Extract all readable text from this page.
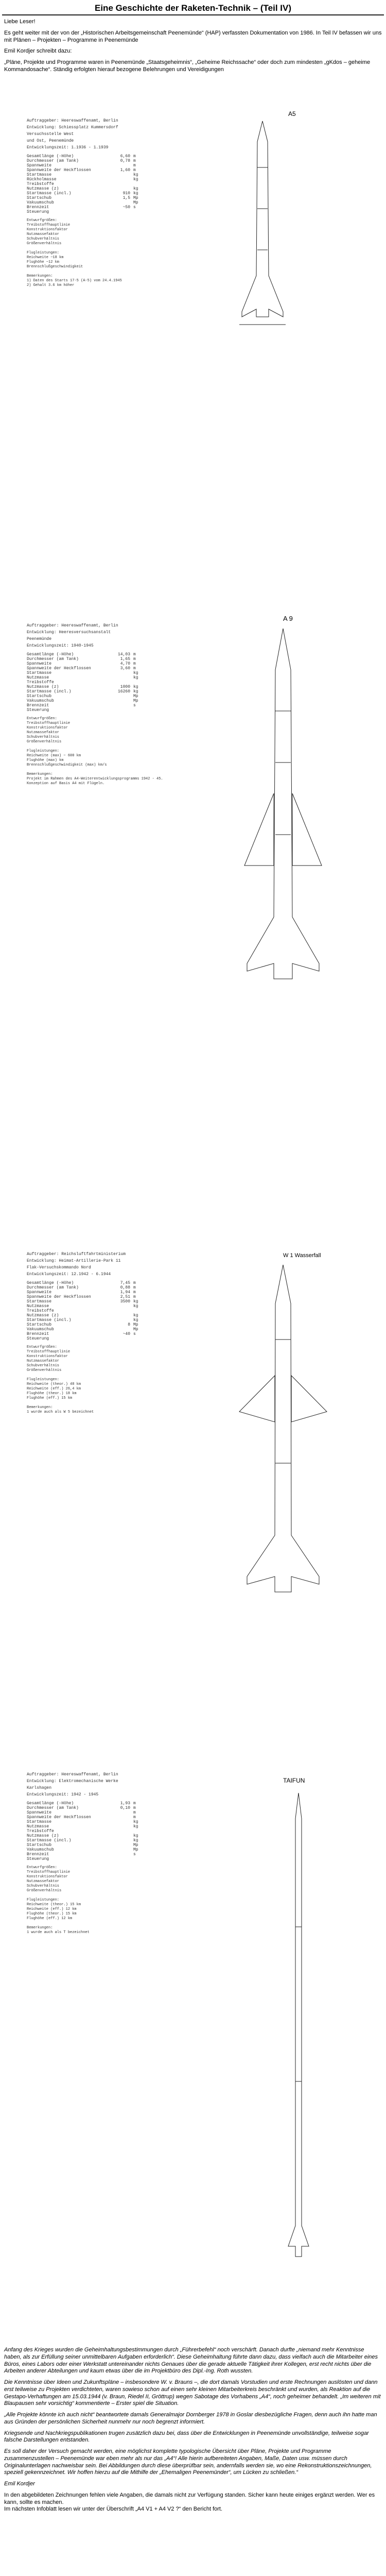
Eine Geschichte der Raketen-Technik – (Teil IV)

Liebe Leser!

Es geht weiter mit der von der „Historischen Arbeitsgemeinschaft Peenemünde“ (HAP) verfassten Dokumentation von 1986. In Teil IV befassen wir uns mit Plänen – Projekten – Programme in Peenemünde

Emil Kordjer schreibt dazu:

„Pläne, Projekte und Programme waren in Peenemünde „Staatsgeheimnis“, „Geheime Reichssache“ oder doch zum mindesten „gKdos – geheime Kommandosache“. Ständig erfolgten hierauf bezogene Belehrungen und Vereidigungen

Auftraggeber: Heereswaffenamt, Berlin
Entwicklung: Schiessplatz Kummersdorf
Versuchsstelle West
und Ost, Peenemünde
Entwicklungszeit: 1.1936 - 1.1939
Gesamtlänge (-Höhe)	6,60 m
Durchmesser (am Tank)	0,78 m
Spannweite	m
Spannweite der Heckflossen	1,60 m
Startmasse	kg
Rückholmasse	kg
Treibstoffe
Nutzmasse (z)	kg
Startmasse (incl.)	910 kg
Startschub	1,5 Mp
Vakuumschub	Mp
Brennzeit	~50 s
Steuerung
Entwurfgrößen:
Treibstoffhauptlinie
Konstruktionsfaktor
Nutzmassefaktor
Schubverhältnis
Größenverhältnis
Flugleistungen:
Reichweite ~18 km
Flughöhe ~12 km
Brennschlußgeschwindigkeit
Bemerkungen:
1) Daten des Starts 17-5 (A-5) vom 24.4.1945
2) Gehalt 3.6 km höher
Auftraggeber: Heereswaffenamt, Berlin
Entwicklung: Heeresversuchsanstalt
Peenemünde
Entwicklungszeit: 1940-1945
Gesamtlänge (-Höhe)	14,03 m
Durchmesser (am Tank)	1,65 m
Spannweite	4,70 m
Spannweite der Heckflossen	3,60 m
Startmasse	kg
Nutzmasse	kg
Treibstoffe
Nutzmasse (z)	1000 kg
Startmasse (incl.)	16260 kg
Startschub	Mp
Vakuumschub	Mp
Brennzeit	s
Steuerung
Entwurfgrößen:
Treibstoffhauptlinie
Konstruktionsfaktor
Nutzmassefaktor
Schubverhältnis
Größenverhältnis
Flugleistungen:
Reichweite (max) ~ 600 km
Flughöhe (max) km
Brennschlußgeschwindigkeit (max) km/s
Bemerkungen:
Projekt im Rahmen des A4-Weiterentwicklungsprogramms 1942 - 45.
Konzeption auf Basis A4 mit Flügeln.
Auftraggeber: Reichsluftfahrtministerium
Entwicklung: Heimat-Artillerie-Park 11
Flak-Versuchskommando Nord
Entwicklungszeit: 12.1942 - 6.1944
Gesamtlänge (-Höhe)	7,45 m
Durchmesser (am Tank)	0,88 m
Spannweite	1,94 m
Spannweite der Heckflossen	2,51 m
Startmasse	3500 kg
Nutzmasse	kg
Treibstoffe
Nutzmasse (z)	kg
Startmasse (incl.)	kg
Startschub	8 Mp
Vakuumschub	Mp
Brennzeit	~40 s
Steuerung
Entwurfgrößen:
Treibstoffhauptlinie
Konstruktionsfaktor
Nutzmassefaktor
Schubverhältnis
Größenverhältnis
Flugleistungen:
Reichweite (theor.) 48 km
Reichweite (eff.) 26,4 km
Flughöhe (theor.) 18 km
Flughöhe (eff.) 15 km
Bemerkungen:
1 wurde auch als W 5 bezeichnet
Auftraggeber: Heereswaffenamt, Berlin
Entwicklung: Elektromechanische Werke
Karlshagen
Entwicklungszeit: 1942 - 1945
Gesamtlänge (-Höhe)	1,93 m
Durchmesser (am Tank)	0,10 m
Spannweite	m
Spannweite der Heckflossen	m
Startmasse	kg
Nutzmasse	kg
Treibstoffe
Nutzmasse (z)	kg
Startmasse (incl.)	kg
Startschub	Mp
Vakuumschub	Mp
Brennzeit	s
Steuerung
Entwurfgrößen:
Treibstoffhauptlinie
Konstruktionsfaktor
Nutzmassefaktor
Schubverhältnis
Größenverhältnis
Flugleistungen:
Reichweite (theor.) 15 km
Reichweite (eff.) 12 km
Flughöhe (theor.) 15 km
Flughöhe (eff.) 12 km
Bemerkungen:
1 wurde auch als T bezeichnet
A5
A 9
W 1 Wasserfall
TAIFUN

Anfang des Krieges wurden die Geheimhaltungsbestimmungen durch „Führerbefehl“ noch verschärft. Danach durfte „niemand mehr Kenntnisse haben, als zur Erfüllung seiner unmittelbaren Aufgaben erforderlich“. Diese Geheimhaltung führte dann dazu, dass vielfach auch die Mitarbeiter eines Büros, eines Labors oder einer Werkstatt untereinander nichts Genaues über die gerade aktuelle Tätigkeit ihrer Kollegen, erst recht nichts über die Arbeiten anderer Abteilungen und kaum etwas über die im Projektbüro des Dipl.-Ing. Roth wussten.

Die Kenntnisse über Ideen und Zukunftspläne – insbesondere W. v. Brauns –, die dort damals Vorstudien und erste Rechnungen auslösten und dann erst teilweise zu Projekten verdichteten, waren sowieso schon auf einen sehr kleinen Mitarbeiterkreis beschränkt und wurden, als Reaktion auf die Gestapo-Verhaftungen am 15.03.1944 (v. Braun, Riedel II, Gröttrup) wegen Sabotage des Vorhabens „A4“, noch geheimer behandelt. „Im weiteren mit Blaupausen sehr vorsichtig“ kommentierte – Erster spiel die Situation.

„Alle Projekte könnte ich auch nicht“ beantwortete damals Generalmajor Dornberger 1978 in Goslar diesbezügliche Fragen, denn auch ihn hatte man aus Gründen der persönlichen Sicherheit nunmehr nur noch begrenzt informiert.

Kriegsende und Nachkriegspublikationen trugen zusätzlich dazu bei, dass über die Entwicklungen in Peenemünde unvollständige, teilweise sogar falsche Darstellungen entstanden.

Es soll daher der Versuch gemacht werden, eine möglichst komplette typologische Übersicht über Pläne, Projekte und Programme zusammenzustellen – Peenemünde war eben mehr als nur das „A4“! Alle hierin aufbereiteten Angaben, Maße, Daten usw. müssen durch Originalunterlagen nachweisbar sein. Bei Abbildungen durch diese überprüfbar sein, andernfalls werden sie, wo eine Rekonstruktionszeichnungen, speziell gekennzeichnet. Wir hoffen hierzu auf die Mithilfe der „Ehemaligen Peenemünder“, um Lücken zu schließen.“

Emil Kordjer

In den abgebildeten Zeichnungen fehlen viele Angaben, die damals nicht zur Verfügung standen. Sicher kann heute einiges ergänzt werden. Wer es kann, sollte es machen.
Im nächsten Infoblatt lesen wir unter der Überschrift „A4 V1 + A4 V2 ?“ den Bericht fort.
